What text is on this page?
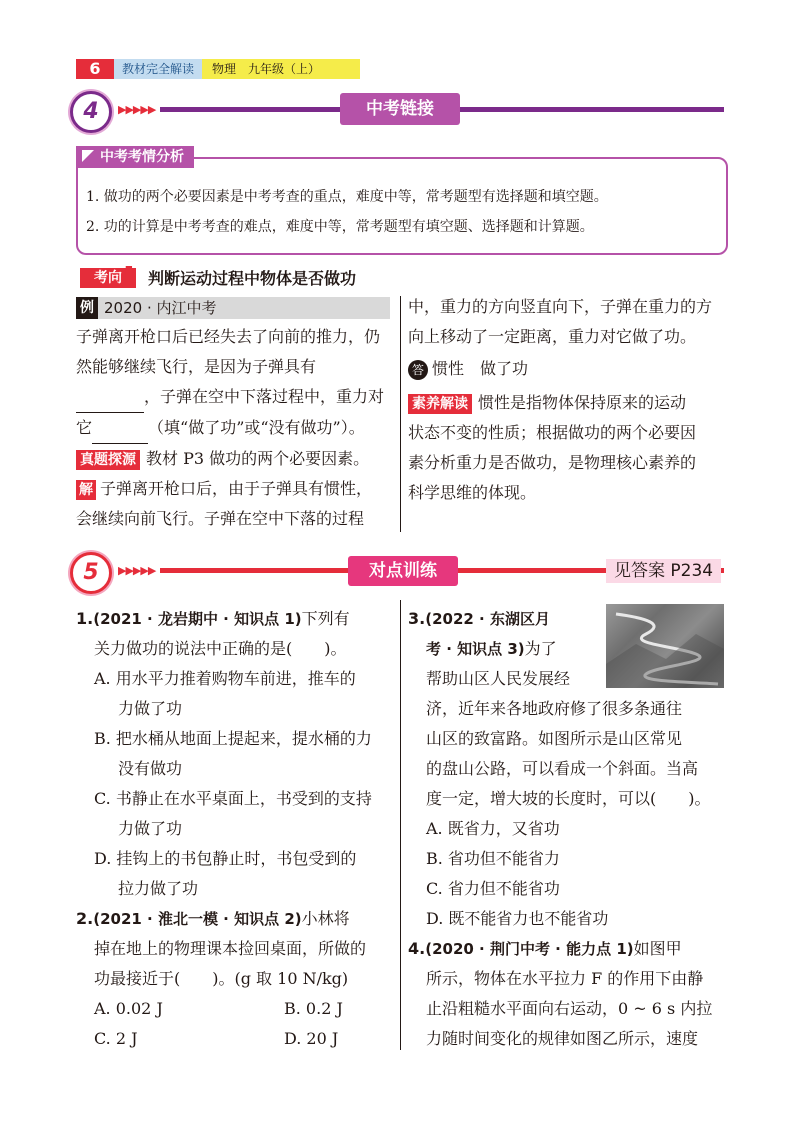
6	教材完全解读	物理　九年级（上）
4	▶▶▶▶▶	中考链接
中考考情分析
1. 做功的两个必要因素是中考考查的重点，难度中等，常考题型有选择题和填空题。
2. 功的计算是中考考查的难点，难度中等，常考题型有填空题、选择题和计算题。
考向 ▌ 判断运动过程中物体是否做功
例 2020 · 内江中考
子弹离开枪口后已经失去了向前的推力，仍
然能够继续飞行，是因为子弹具有
，子弹在空中下落过程中，重力对
它	（填“做了功”或“没有做功”）。
真题探源 教材 P3 做功的两个必要因素。
解 子弹离开枪口后，由于子弹具有惯性，
会继续向前飞行。子弹在空中下落的过程
中，重力的方向竖直向下，子弹在重力的方
向上移动了一定距离，重力对它做了功。
答 惯性　做了功
素养解读 惯性是指物体保持原来的运动
状态不变的性质；根据做功的两个必要因
素分析重力是否做功，是物理核心素养的
科学思维的体现。
5	▶▶▶▶▶	对点训练	见答案 P234
1.(2021 · 龙岩期中 · 知识点 1)下列有
关力做功的说法中正确的是(　　)。
A. 用水平力推着购物车前进，推车的
力做了功
B. 把水桶从地面上提起来，提水桶的力
没有做功
C. 书静止在水平桌面上，书受到的支持
力做了功
D. 挂钩上的书包静止时，书包受到的
拉力做了功
2.(2021 · 淮北一模 · 知识点 2)小林将
掉在地上的物理课本捡回桌面，所做的
功最接近于(　　)。(g 取 10 N/kg)
A. 0.02 J	B. 0.2 J
C. 2 J	D. 20 J
3.(2022 · 东湖区月
考 · 知识点 3)为了
帮助山区人民发展经
济，近年来各地政府修了很多条通往
山区的致富路。如图所示是山区常见
的盘山公路，可以看成一个斜面。当高
度一定，增大坡的长度时，可以(　　)。
A. 既省力，又省功
B. 省功但不能省力
C. 省力但不能省功
D. 既不能省力也不能省功
4.(2020 · 荆门中考 · 能力点 1)如图甲
所示，物体在水平拉力 F 的作用下由静
止沿粗糙水平面向右运动，0 ~ 6 s 内拉
力随时间变化的规律如图乙所示，速度
